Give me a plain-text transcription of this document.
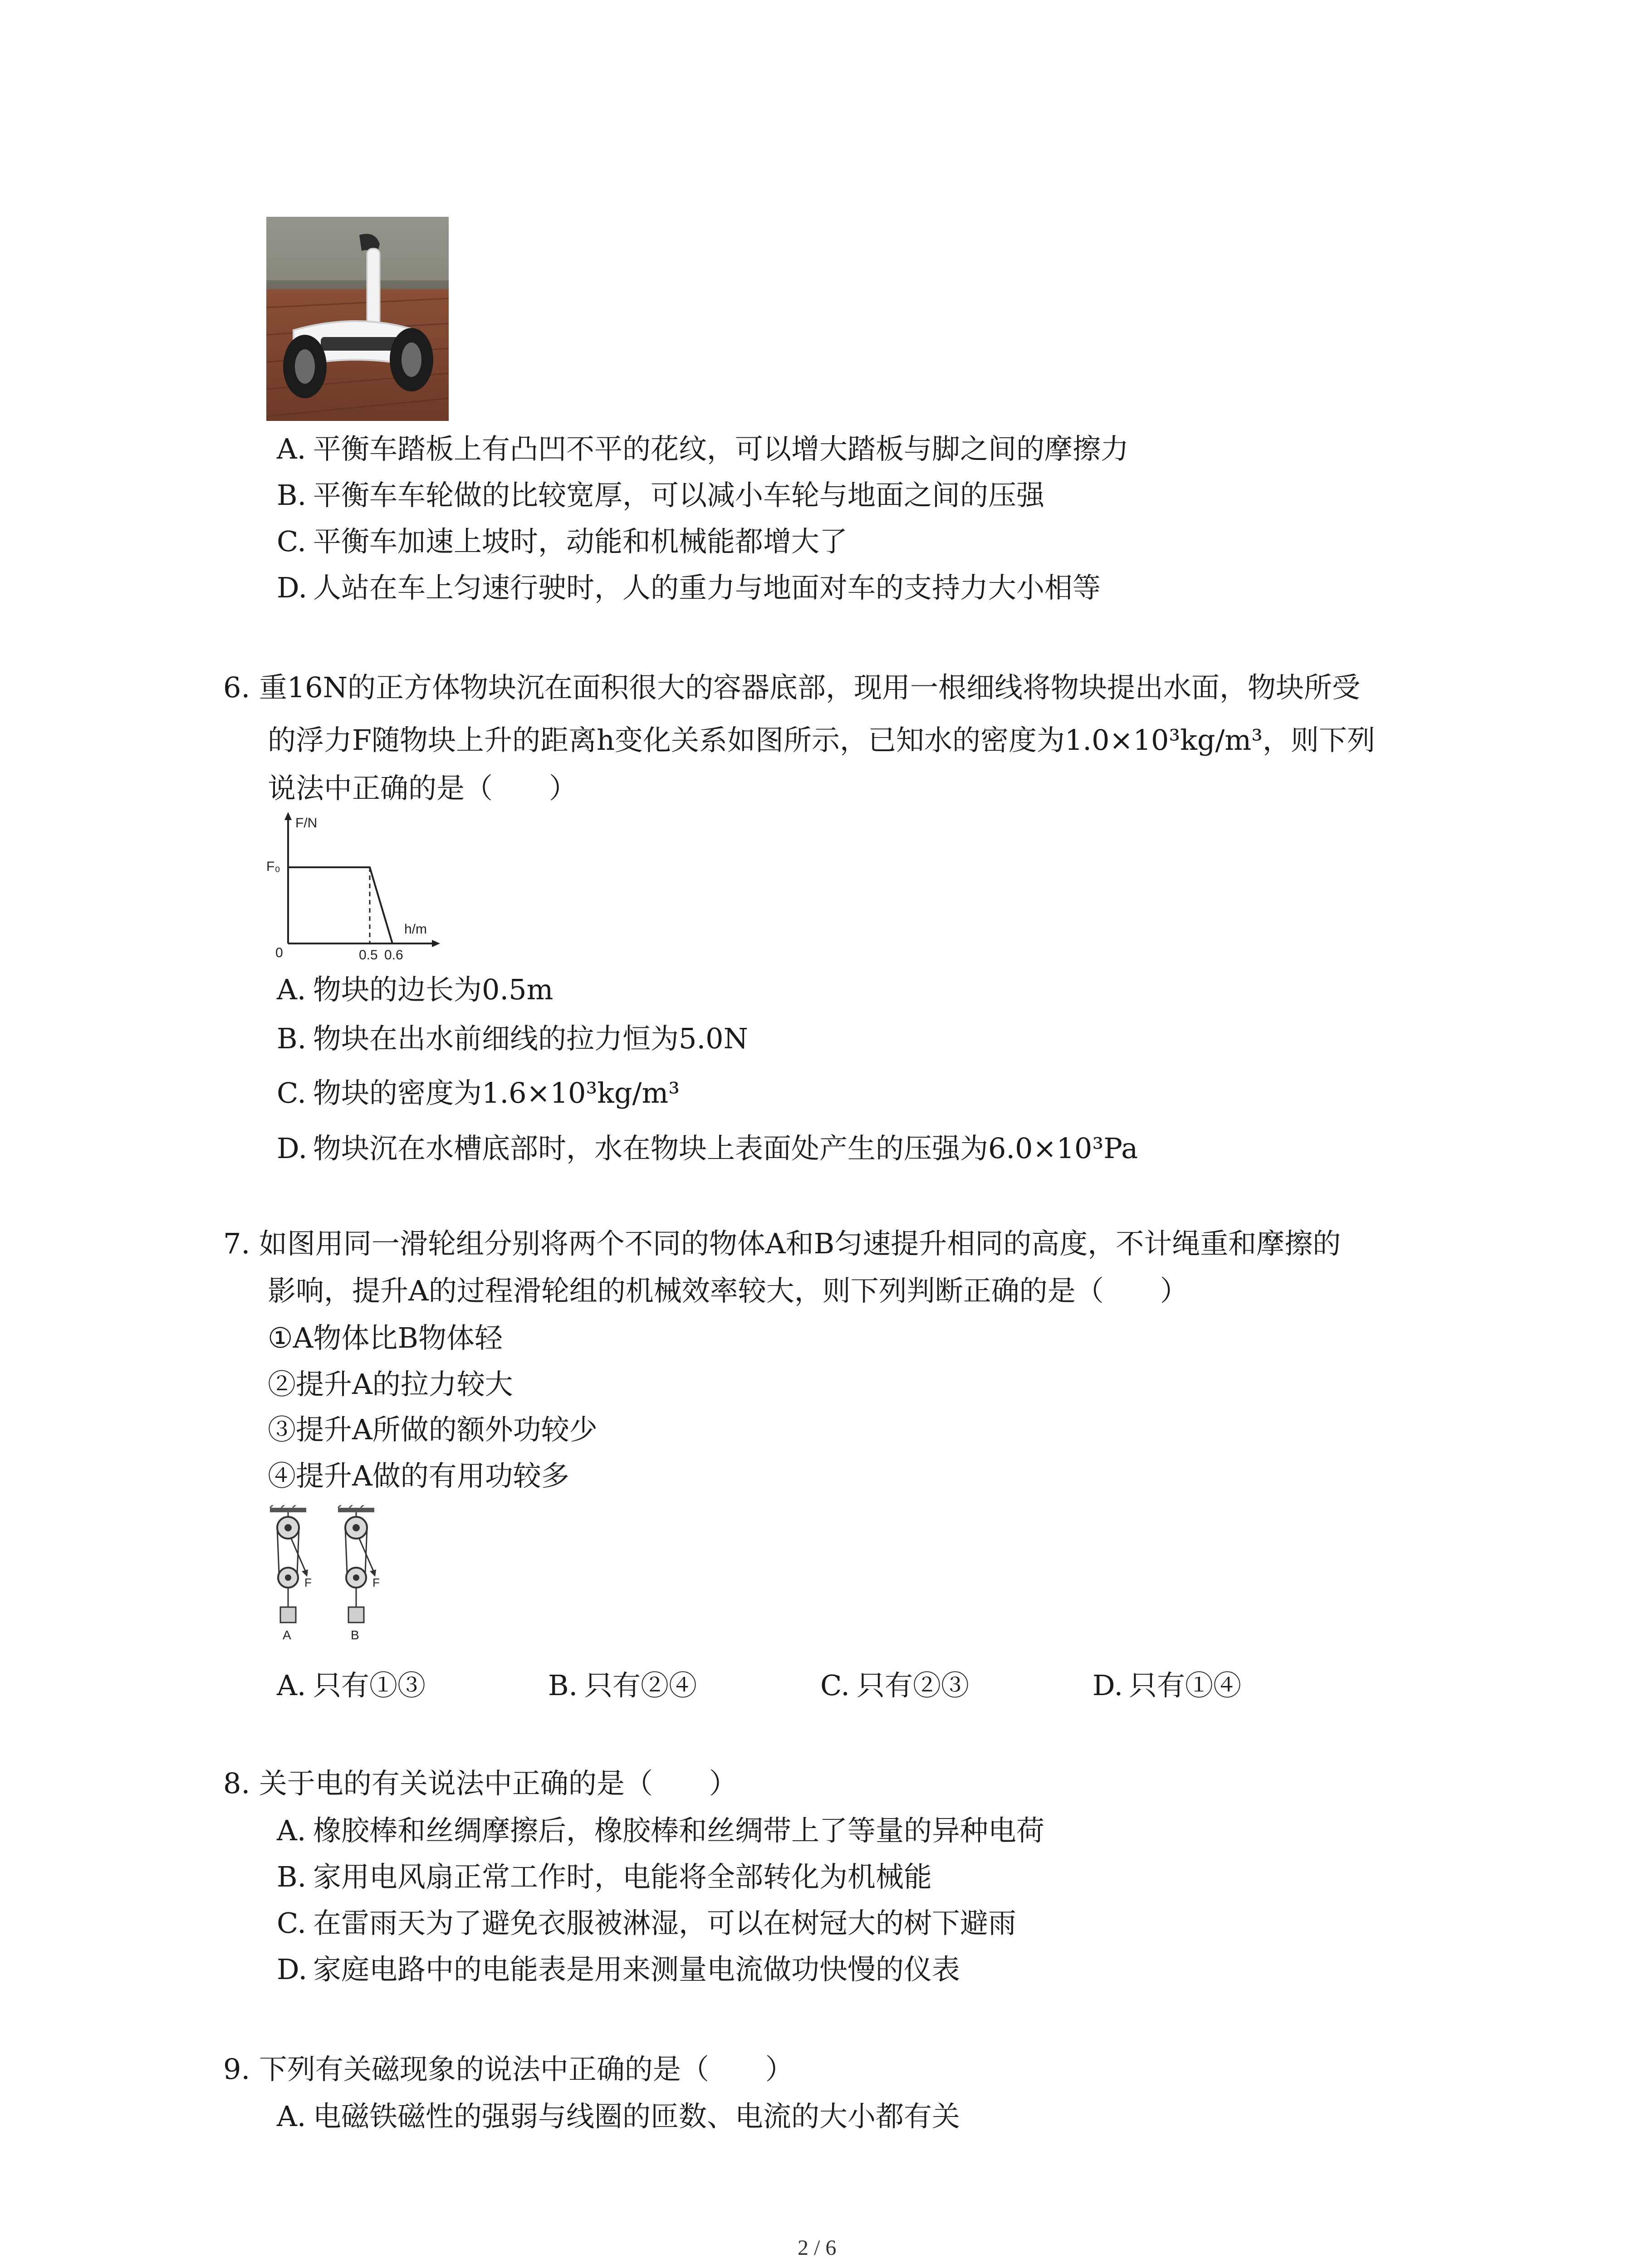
A. 平衡车踏板上有凸凹不平的花纹，可以增大踏板与脚之间的摩擦力
B. 平衡车车轮做的比较宽厚，可以减小车轮与地面之间的压强
C. 平衡车加速上坡时，动能和机械能都增大了
D. 人站在车上匀速行驶时，人的重力与地面对车的支持力大小相等
6. 重16N的正方体物块沉在面积很大的容器底部，现用一根细线将物块提出水面，物块所受
的浮力F随物块上升的距离h变化关系如图所示，已知水的密度为1.0×10³kg/m³，则下列
说法中正确的是（　　）
F/N
h/m
F₀
0	0.5 0.6
A. 物块的边长为0.5m
B. 物块在出水前细线的拉力恒为5.0N
C. 物块的密度为1.6×10³kg/m³
D. 物块沉在水槽底部时，水在物块上表面处产生的压强为6.0×10³Pa
7. 如图用同一滑轮组分别将两个不同的物体A和B匀速提升相同的高度，不计绳重和摩擦的
影响，提升A的过程滑轮组的机械效率较大，则下列判断正确的是（　　）
①A物体比B物体轻
②提升A的拉力较大
③提升A所做的额外功较少
④提升A做的有用功较多
F
A
F
B
A. 只有①③	B. 只有②④	C. 只有②③	D. 只有①④
8. 关于电的有关说法中正确的是（　　）
A. 橡胶棒和丝绸摩擦后，橡胶棒和丝绸带上了等量的异种电荷
B. 家用电风扇正常工作时，电能将全部转化为机械能
C. 在雷雨天为了避免衣服被淋湿，可以在树冠大的树下避雨
D. 家庭电路中的电能表是用来测量电流做功快慢的仪表
9. 下列有关磁现象的说法中正确的是（　　）
A. 电磁铁磁性的强弱与线圈的匝数、电流的大小都有关
2 / 6
